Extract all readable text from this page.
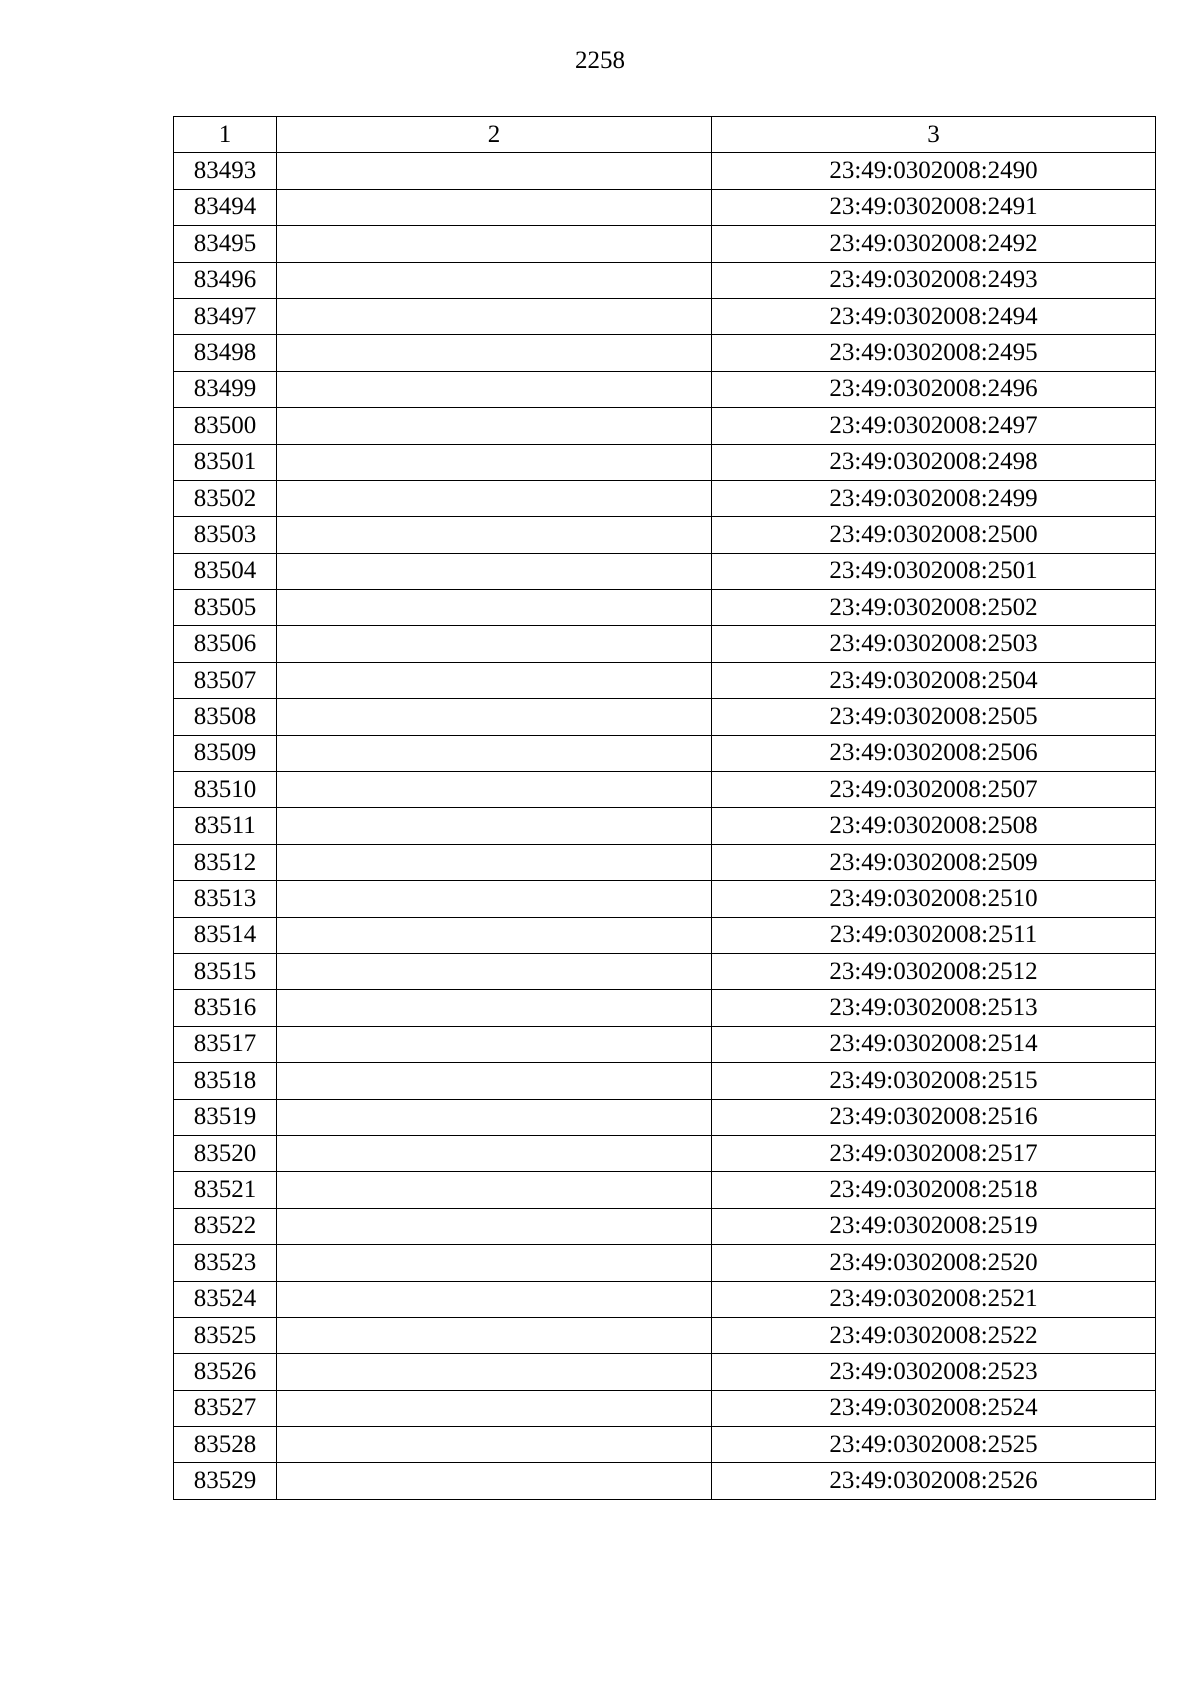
2258
1	2	3
83493		23:49:0302008:2490
83494		23:49:0302008:2491
83495		23:49:0302008:2492
83496		23:49:0302008:2493
83497		23:49:0302008:2494
83498		23:49:0302008:2495
83499		23:49:0302008:2496
83500		23:49:0302008:2497
83501		23:49:0302008:2498
83502		23:49:0302008:2499
83503		23:49:0302008:2500
83504		23:49:0302008:2501
83505		23:49:0302008:2502
83506		23:49:0302008:2503
83507		23:49:0302008:2504
83508		23:49:0302008:2505
83509		23:49:0302008:2506
83510		23:49:0302008:2507
83511		23:49:0302008:2508
83512		23:49:0302008:2509
83513		23:49:0302008:2510
83514		23:49:0302008:2511
83515		23:49:0302008:2512
83516		23:49:0302008:2513
83517		23:49:0302008:2514
83518		23:49:0302008:2515
83519		23:49:0302008:2516
83520		23:49:0302008:2517
83521		23:49:0302008:2518
83522		23:49:0302008:2519
83523		23:49:0302008:2520
83524		23:49:0302008:2521
83525		23:49:0302008:2522
83526		23:49:0302008:2523
83527		23:49:0302008:2524
83528		23:49:0302008:2525
83529		23:49:0302008:2526
